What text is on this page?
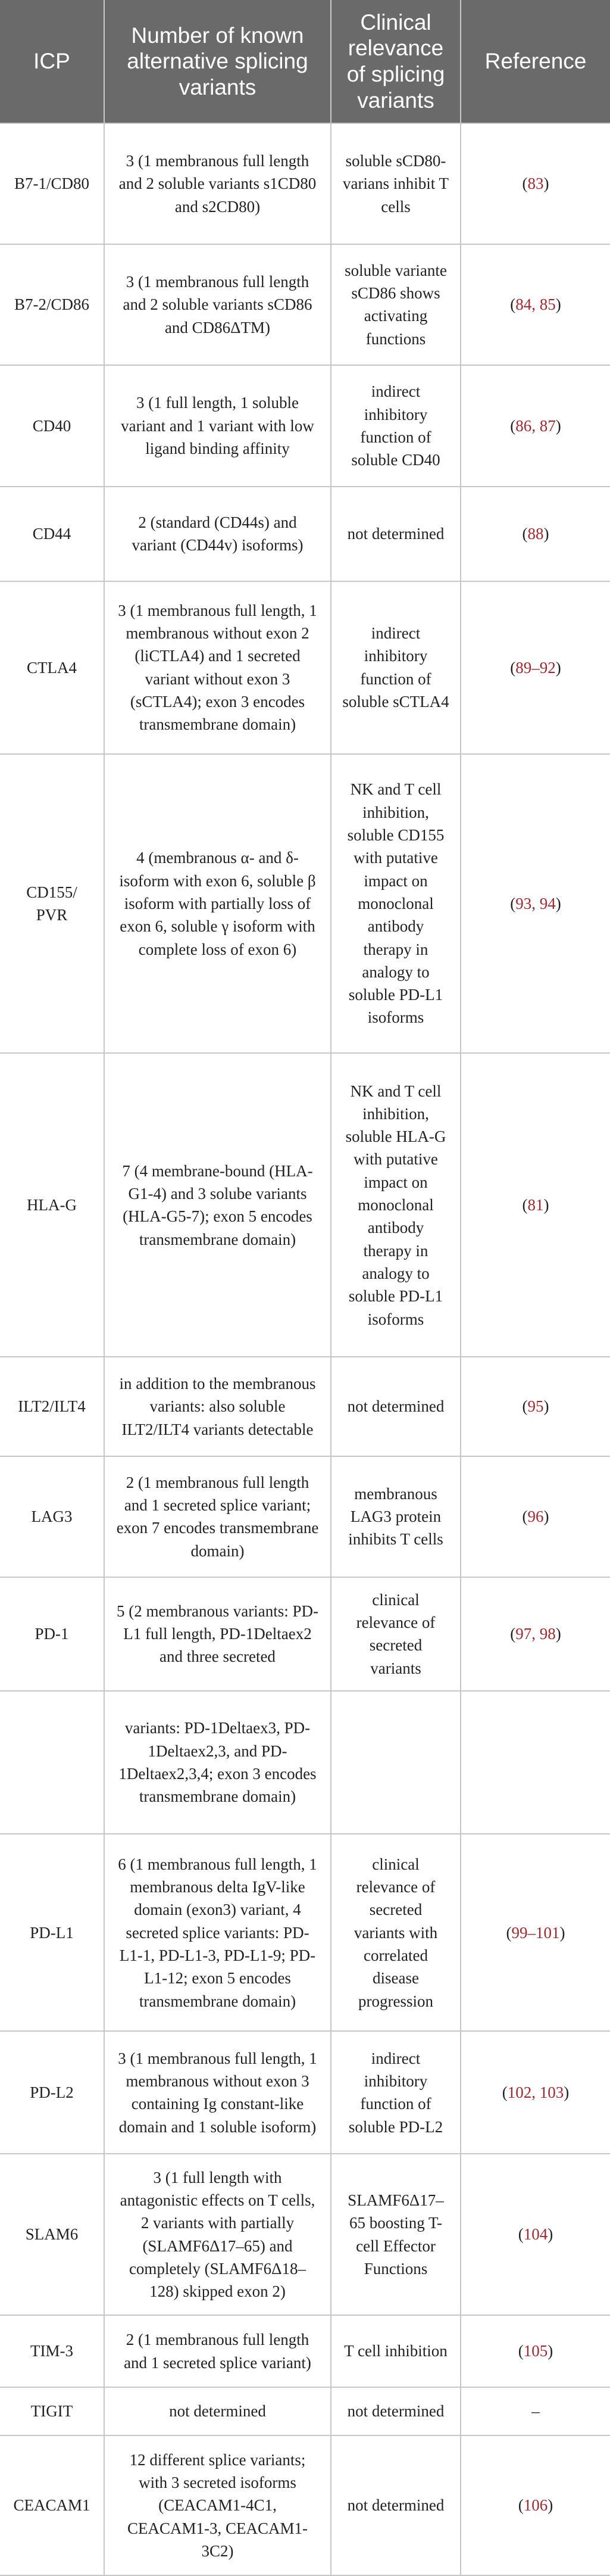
ICP	Number of known alternative splicing variants	Clinical relevance of splicing variants	Reference
B7-1/CD80	3 (1 membranous full length and 2 soluble variants s1CD80 and s2CD80)	soluble sCD80-varians inhibit T cells	(83)
B7-2/CD86	3 (1 membranous full length and 2 soluble variants sCD86 and CD86ΔTM)	soluble variante sCD86 shows activating functions	(84, 85)
CD40	3 (1 full length, 1 soluble variant and 1 variant with low ligand binding affinity	indirect inhibitory function of soluble CD40	(86, 87)
CD44	2 (standard (CD44s) and variant (CD44v) isoforms)	not determined	(88)
CTLA4	3 (1 membranous full length, 1 membranous without exon 2 (liCTLA4) and 1 secreted variant without exon 3 (sCTLA4); exon 3 encodes transmembrane domain)	indirect inhibitory function of soluble sCTLA4	(89–92)
CD155/ PVR	4 (membranous α- and δ-isoform with exon 6, soluble β isoform with partially loss of exon 6, soluble γ isoform with complete loss of exon 6)	NK and T cell inhibition, soluble CD155 with putative impact on monoclonal antibody therapy in analogy to soluble PD-L1 isoforms	(93, 94)
HLA-G	7 (4 membrane-bound (HLA-G1-4) and 3 solube variants (HLA-G5-7); exon 5 encodes transmembrane domain)	NK and T cell inhibition, soluble HLA-G with putative impact on monoclonal antibody therapy in analogy to soluble PD-L1 isoforms	(81)
ILT2/ILT4	in addition to the membranous variants: also soluble ILT2/ILT4 variants detectable	not determined	(95)
LAG3	2 (1 membranous full length and 1 secreted splice variant; exon 7 encodes transmembrane domain)	membranous LAG3 protein inhibits T cells	(96)
PD-1	5 (2 membranous variants: PD-L1 full length, PD-1Deltaex2 and three secreted	clinical relevance of secreted variants	(97, 98)
	variants: PD-1Deltaex3, PD-1Deltaex2,3, and PD-1Deltaex2,3,4; exon 3 encodes transmembrane domain)		
PD-L1	6 (1 membranous full length, 1 membranous delta IgV-like domain (exon3) variant, 4 secreted splice variants: PD-L1-1, PD-L1-3, PD-L1-9; PD-L1-12; exon 5 encodes transmembrane domain)	clinical relevance of secreted variants with correlated disease progression	(99–101)
PD-L2	3 (1 membranous full length, 1 membranous without exon 3 containing Ig constant-like domain and 1 soluble isoform)	indirect inhibitory function of soluble PD-L2	(102, 103)
SLAM6	3 (1 full length with antagonistic effects on T cells, 2 variants with partially (SLAMF6Δ17–65) and completely (SLAMF6Δ18–128) skipped exon 2)	SLAMF6Δ17–65 boosting T-cell Effector Functions	(104)
TIM-3	2 (1 membranous full length and 1 secreted splice variant)	T cell inhibition	(105)
TIGIT	not determined	not determined	–
CEACAM1	12 different splice variants; with 3 secreted isoforms (CEACAM1-4C1, CEACAM1-3, CEACAM1-3C2)	not determined	(106)
